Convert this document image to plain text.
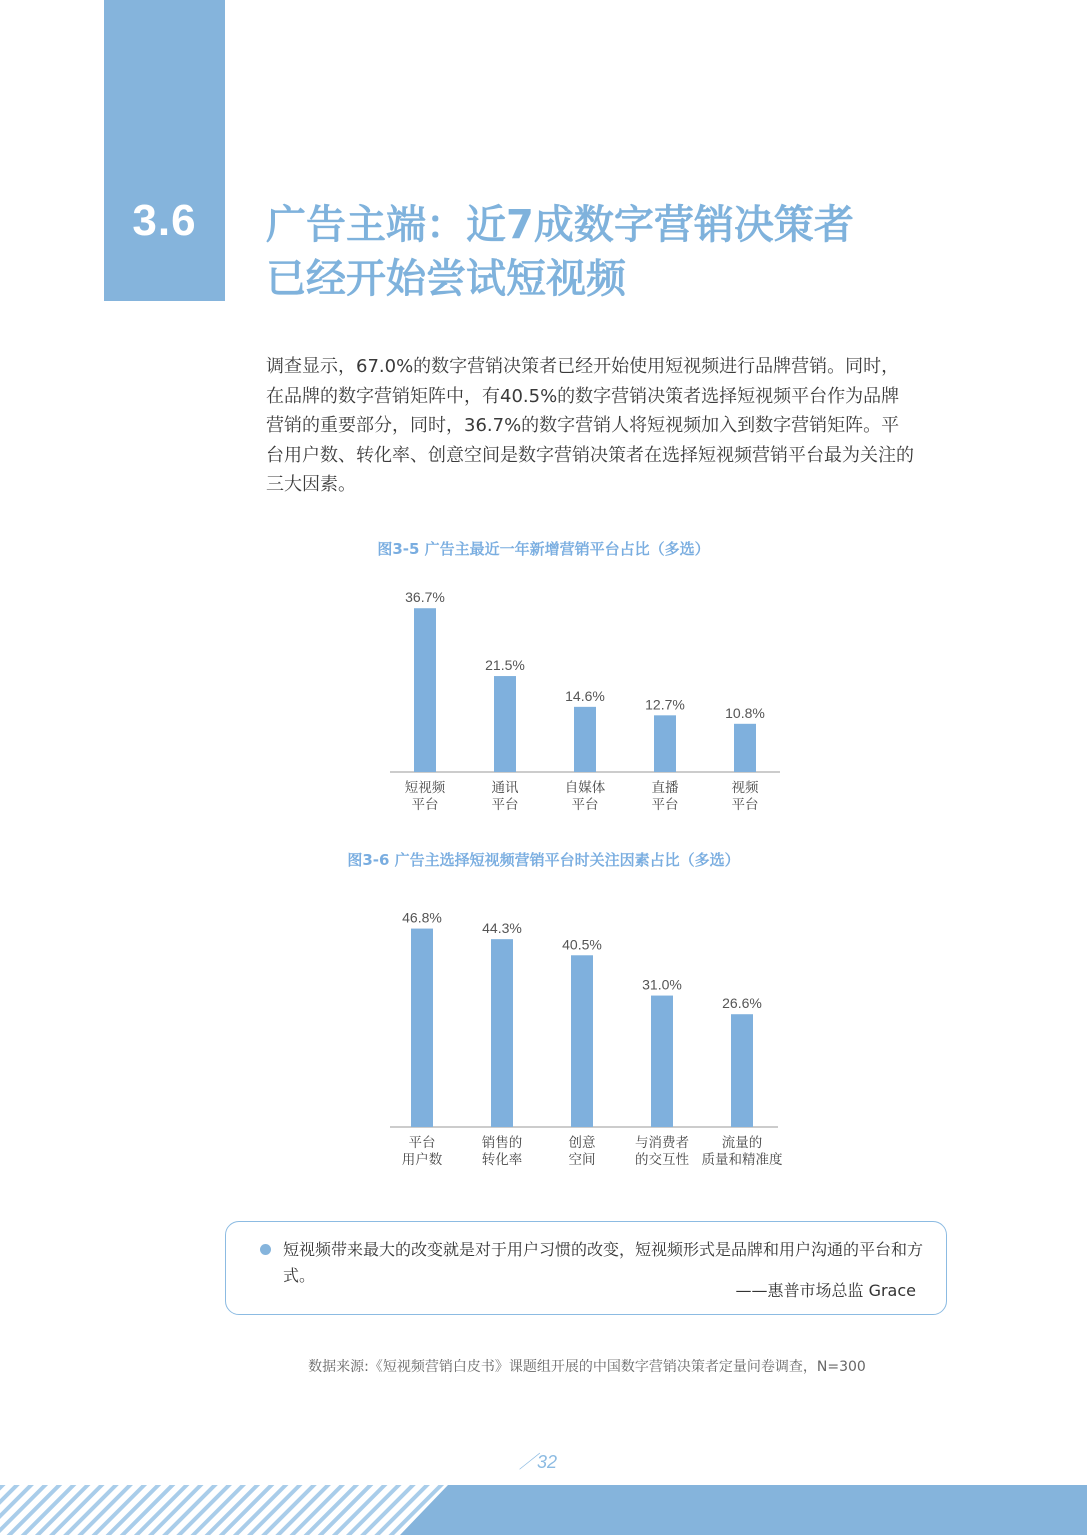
3.6	广告主端：近7成数字营销决策者
已经开始尝试短视频
调查显示，67.0%的数字营销决策者已经开始使用短视频进行品牌营销。同时，在品牌的数字营销矩阵中，有40.5%的数字营销决策者选择短视频平台作为品牌营销的重要部分，同时，36.7%的数字营销人将短视频加入到数字营销矩阵。平台用户数、转化率、创意空间是数字营销决策者在选择短视频营销平台最为关注的三大因素。
图3-5 广告主最近一年新增营销平台占比（多选）
36.7%
短视频
平台
21.5%
通讯
平台
14.6%
自媒体
平台
12.7%
直播
平台
10.8%
视频
平台
图3-6 广告主选择短视频营销平台时关注因素占比（多选）
46.8%
平台
用户数
44.3%
销售的
转化率
40.5%
创意
空间
31.0%
与消费者
的交互性
26.6%
流量的
质量和精准度
短视频带来最大的改变就是对于用户习惯的改变，短视频形式是品牌和用户沟通的平台和方式。
——惠普市场总监 Grace
数据来源:《短视频营销白皮书》课题组开展的中国数字营销决策者定量问卷调查，N=300
／32
